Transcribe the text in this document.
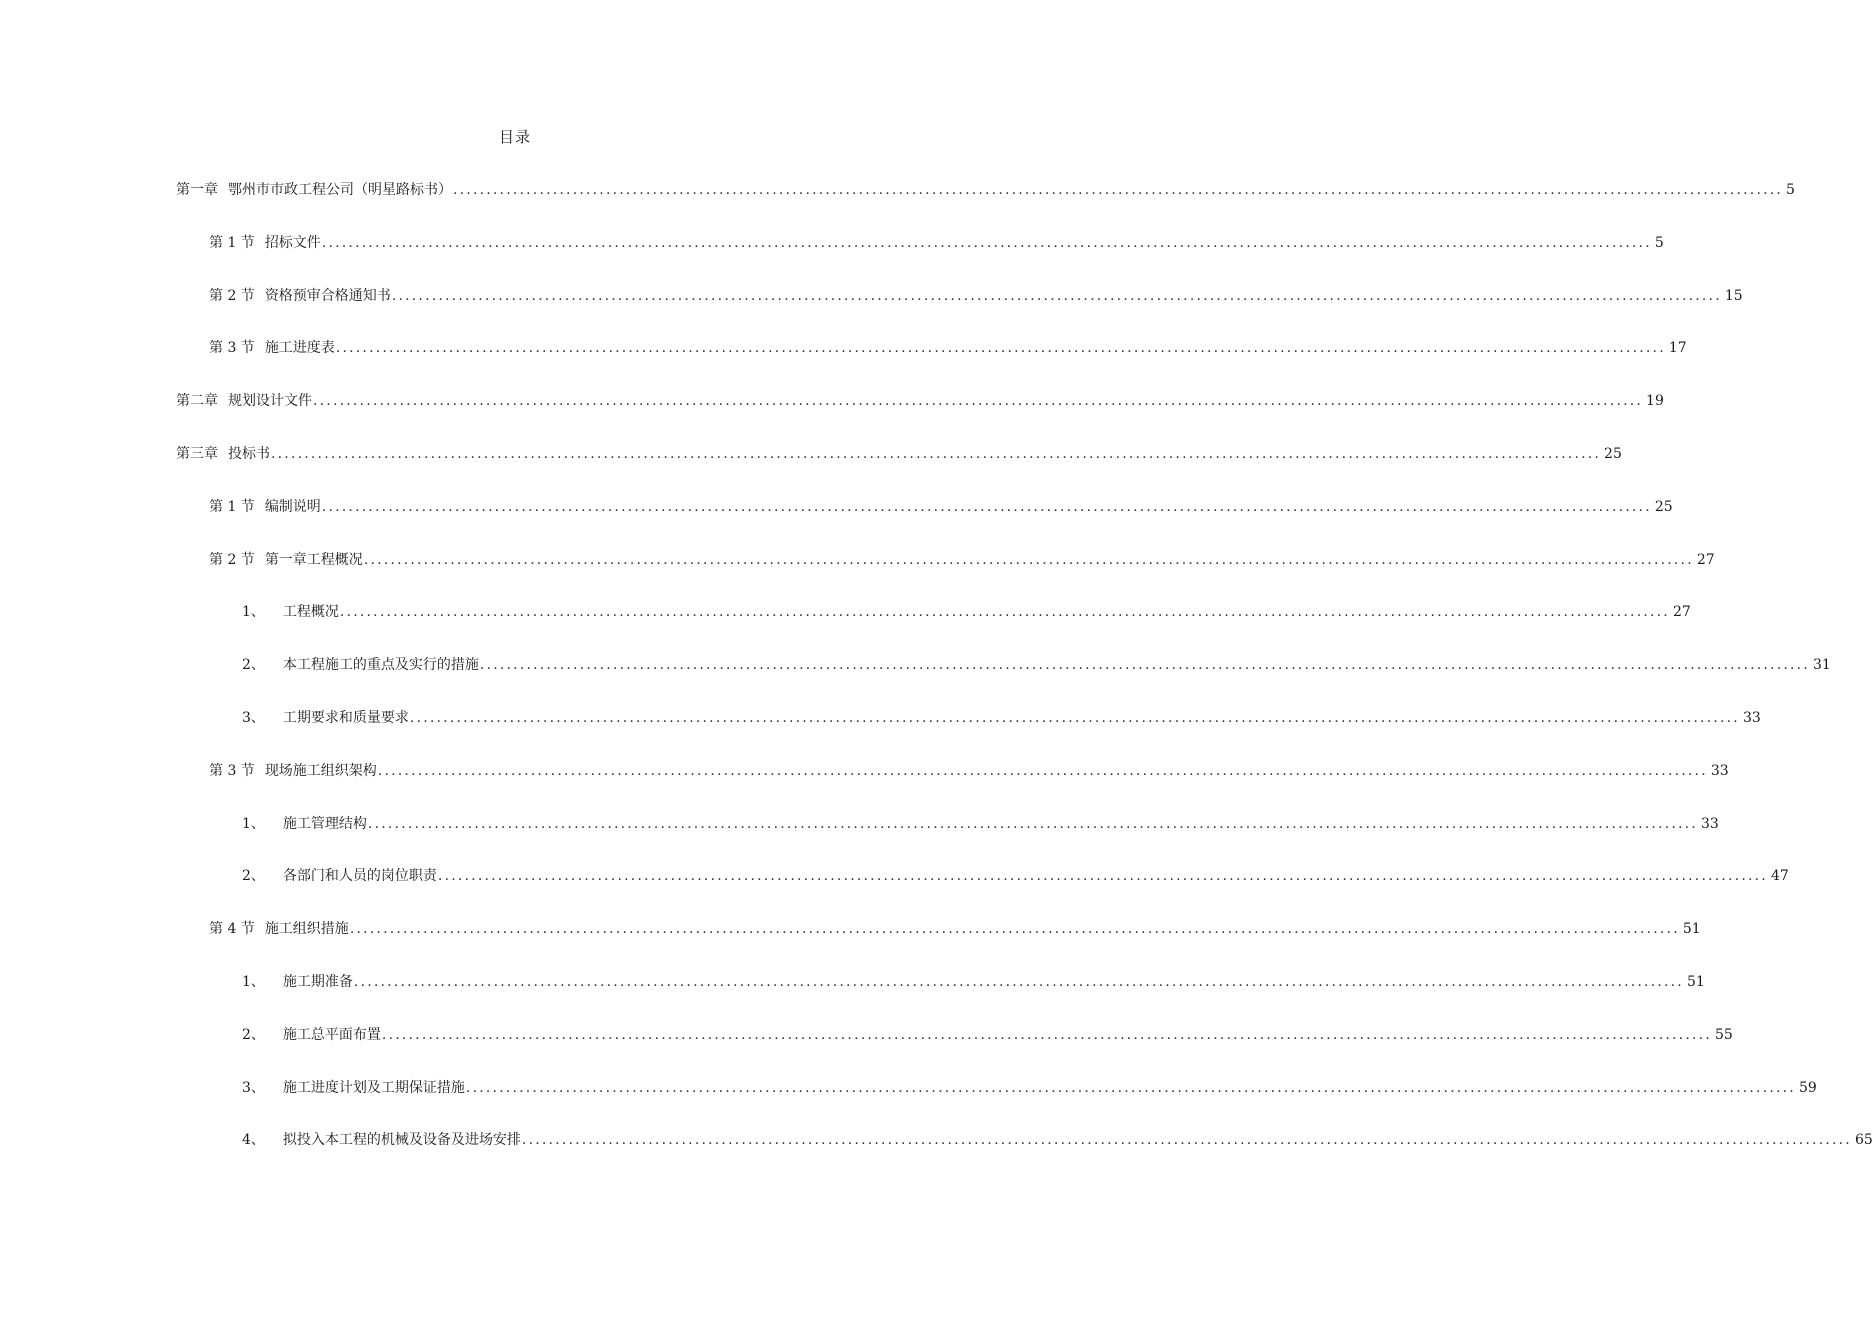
目录
第一章 鄂州市市政工程公司（明星路标书） ........................................................................................................................................................................................................ 5
第 1 节 招标文件 ........................................................................................................................................................................................................ 5
第 2 节 资格预审合格通知书 ........................................................................................................................................................................................................ 15
第 3 节 施工进度表 ........................................................................................................................................................................................................ 17
第二章 规划设计文件 ........................................................................................................................................................................................................ 19
第三章 投标书 ........................................................................................................................................................................................................ 25
第 1 节 编制说明 ........................................................................................................................................................................................................ 25
第 2 节 第一章工程概况 ........................................................................................................................................................................................................ 27
1、 工程概况 ........................................................................................................................................................................................................ 27
2、 本工程施工的重点及实行的措施 ........................................................................................................................................................................................................ 31
3、 工期要求和质量要求 ........................................................................................................................................................................................................ 33
第 3 节 现场施工组织架构 ........................................................................................................................................................................................................ 33
1、 施工管理结构 ........................................................................................................................................................................................................ 33
2、 各部门和人员的岗位职责 ........................................................................................................................................................................................................ 47
第 4 节 施工组织措施 ........................................................................................................................................................................................................ 51
1、 施工期准备 ........................................................................................................................................................................................................ 51
2、 施工总平面布置 ........................................................................................................................................................................................................ 55
3、 施工进度计划及工期保证措施 ........................................................................................................................................................................................................ 59
4、 拟投入本工程的机械及设备及进场安排 ........................................................................................................................................................................................................ 65
